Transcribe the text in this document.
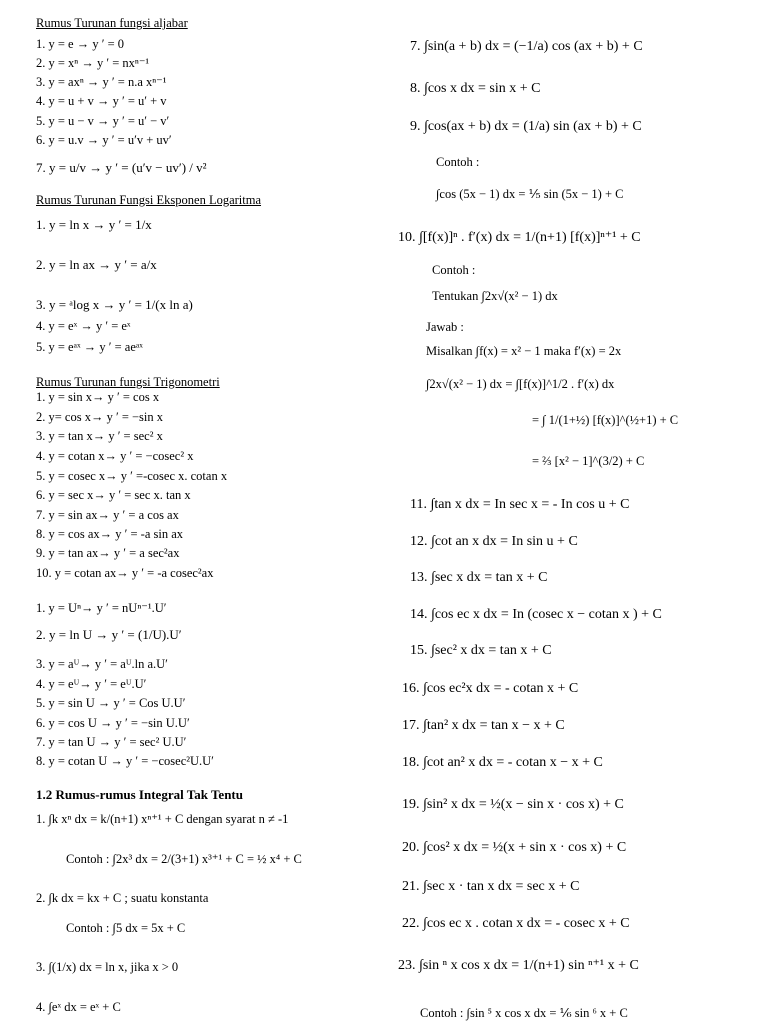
Rumus Turunan fungsi aljabar
1. y = e → y ′ = 0
2. y = xⁿ → y ′ = nxⁿ⁻¹
3. y = axⁿ → y ′ = n.a xⁿ⁻¹
4. y = u + v → y ′ = u′ + v
5. y = u − v → y ′ = u′ − v′
6. y = u.v → y ′ = u′v + uv′
7. y = u/v → y ′ = (u′v − uv′) / v²
Rumus Turunan Fungsi Eksponen Logaritma
1. y = ln x → y ′ = 1/x
2. y = ln ax → y ′ = a/x
3. y = ᵃlog x → y ′ = 1/(x ln a)
4. y = eˣ → y ′ = eˣ
5. y = eᵃˣ → y ′ = aeᵃˣ
Rumus Turunan fungsi Trigonometri
1. y = sin x→ y ′ = cos x
2. y= cos x→ y ′ = −sin x
3. y = tan x→ y ′ = sec² x
4. y = cotan x→ y ′ = −cosec² x
5. y = cosec x→ y ′ =-cosec x. cotan x
6. y = sec x→ y ′ = sec x. tan x
7. y = sin ax→ y ′ = a cos ax
8. y = cos ax→ y ′ = -a sin ax
9. y = tan ax→ y ′ = a sec²ax
10. y = cotan ax→ y ′ = -a cosec²ax
1. y = Uⁿ→ y ′ = nUⁿ⁻¹.U′
2. y = ln U → y ′ = (1/U).U′
3. y = aᵁ→ y ′ = aᵁ.ln a.U′
4. y = eᵁ→ y ′ = eᵁ.U′
5. y = sin U → y ′ = Cos U.U′
6. y = cos U → y ′ = −sin U.U′
7. y = tan U → y ′ = sec² U.U′
8. y = cotan U → y ′ = −cosec²U.U′
1.2 Rumus-rumus Integral Tak Tentu
1. ∫k xⁿ dx = k/(n+1) xⁿ⁺¹ + C dengan syarat n ≠ -1
Contoh : ∫2x³ dx = 2/(3+1) x³⁺¹ + C = ½ x⁴ + C
2. ∫k dx = kx + C ; suatu konstanta
Contoh : ∫5 dx = 5x + C
3. ∫(1/x) dx = ln x, jika x > 0
4. ∫eˣ dx = eˣ + C
7. ∫sin(a + b) dx = (−1/a) cos (ax + b) + C
8. ∫cos x dx = sin x + C
9. ∫cos(ax + b) dx = (1/a) sin (ax + b) + C
Contoh :
∫cos (5x − 1) dx = ⅕ sin (5x − 1) + C
10. ∫[f(x)]ⁿ . f′(x) dx = 1/(n+1) [f(x)]ⁿ⁺¹ + C
Contoh :
Tentukan ∫2x√(x² − 1) dx
Jawab :
Misalkan ∫f(x) = x² − 1 maka f′(x) = 2x
∫2x√(x² − 1) dx = ∫[f(x)]^1/2 . f′(x) dx
= ∫ 1/(1+½) [f(x)]^(½+1) + C
= ⅔ [x² − 1]^(3/2) + C
11. ∫tan x dx = In sec x = - In cos u + C
12. ∫cot an x dx = In sin u + C
13. ∫sec x dx = tan x + C
14. ∫cos ec x dx = In (cosec x − cotan x ) + C
15. ∫sec² x dx = tan x + C
16. ∫cos ec²x dx = - cotan x + C
17. ∫tan² x dx = tan x − x + C
18. ∫cot an² x dx = - cotan x − x + C
19. ∫sin² x dx = ½(x − sin x · cos x) + C
20. ∫cos² x dx = ½(x + sin x · cos x) + C
21. ∫sec x · tan x dx = sec x + C
22. ∫cos ec x . cotan x dx = - cosec x + C
23. ∫sin ⁿ x cos x dx = 1/(n+1) sin ⁿ⁺¹ x + C
Contoh : ∫sin ⁵ x cos x dx = ⅙ sin ⁶ x + C
